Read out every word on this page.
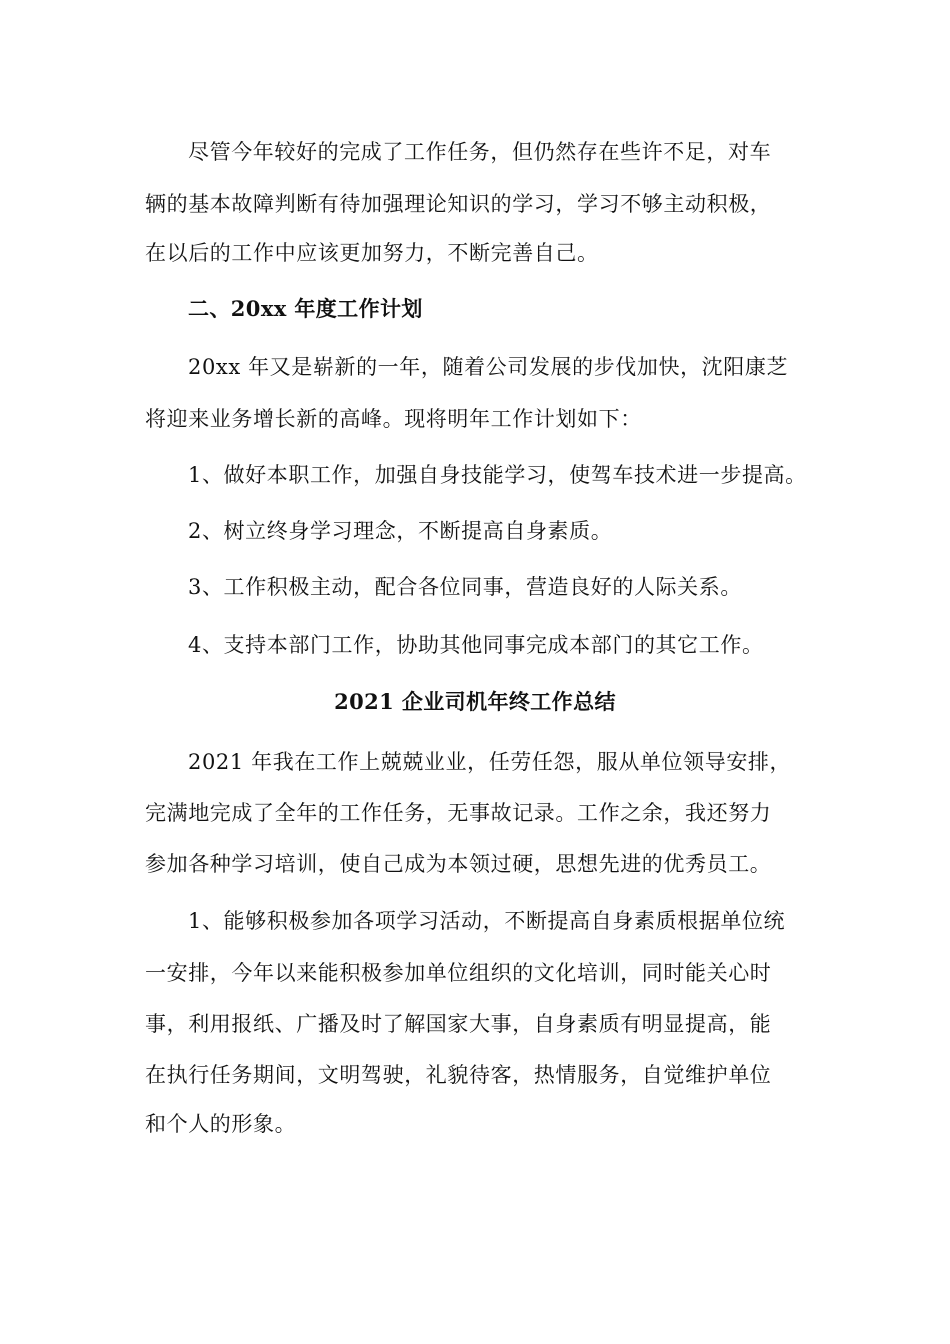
尽管今年较好的完成了工作任务，但仍然存在些许不足，对车
辆的基本故障判断有待加强理论知识的学习，学习不够主动积极，
在以后的工作中应该更加努力，不断完善自己。
二、20xx 年度工作计划
20xx 年又是崭新的一年，随着公司发展的步伐加快，沈阳康芝
将迎来业务增长新的高峰。现将明年工作计划如下：
1、做好本职工作，加强自身技能学习，使驾车技术进一步提高。
2、树立终身学习理念，不断提高自身素质。
3、工作积极主动，配合各位同事，营造良好的人际关系。
4、支持本部门工作，协助其他同事完成本部门的其它工作。
2021 企业司机年终工作总结
2021 年我在工作上兢兢业业，任劳任怨，服从单位领导安排，
完满地完成了全年的工作任务，无事故记录。工作之余，我还努力
参加各种学习培训，使自己成为本领过硬，思想先进的优秀员工。
1、能够积极参加各项学习活动，不断提高自身素质根据单位统
一安排，今年以来能积极参加单位组织的文化培训，同时能关心时
事，利用报纸、广播及时了解国家大事，自身素质有明显提高，能
在执行任务期间，文明驾驶，礼貌待客，热情服务，自觉维护单位
和个人的形象。
